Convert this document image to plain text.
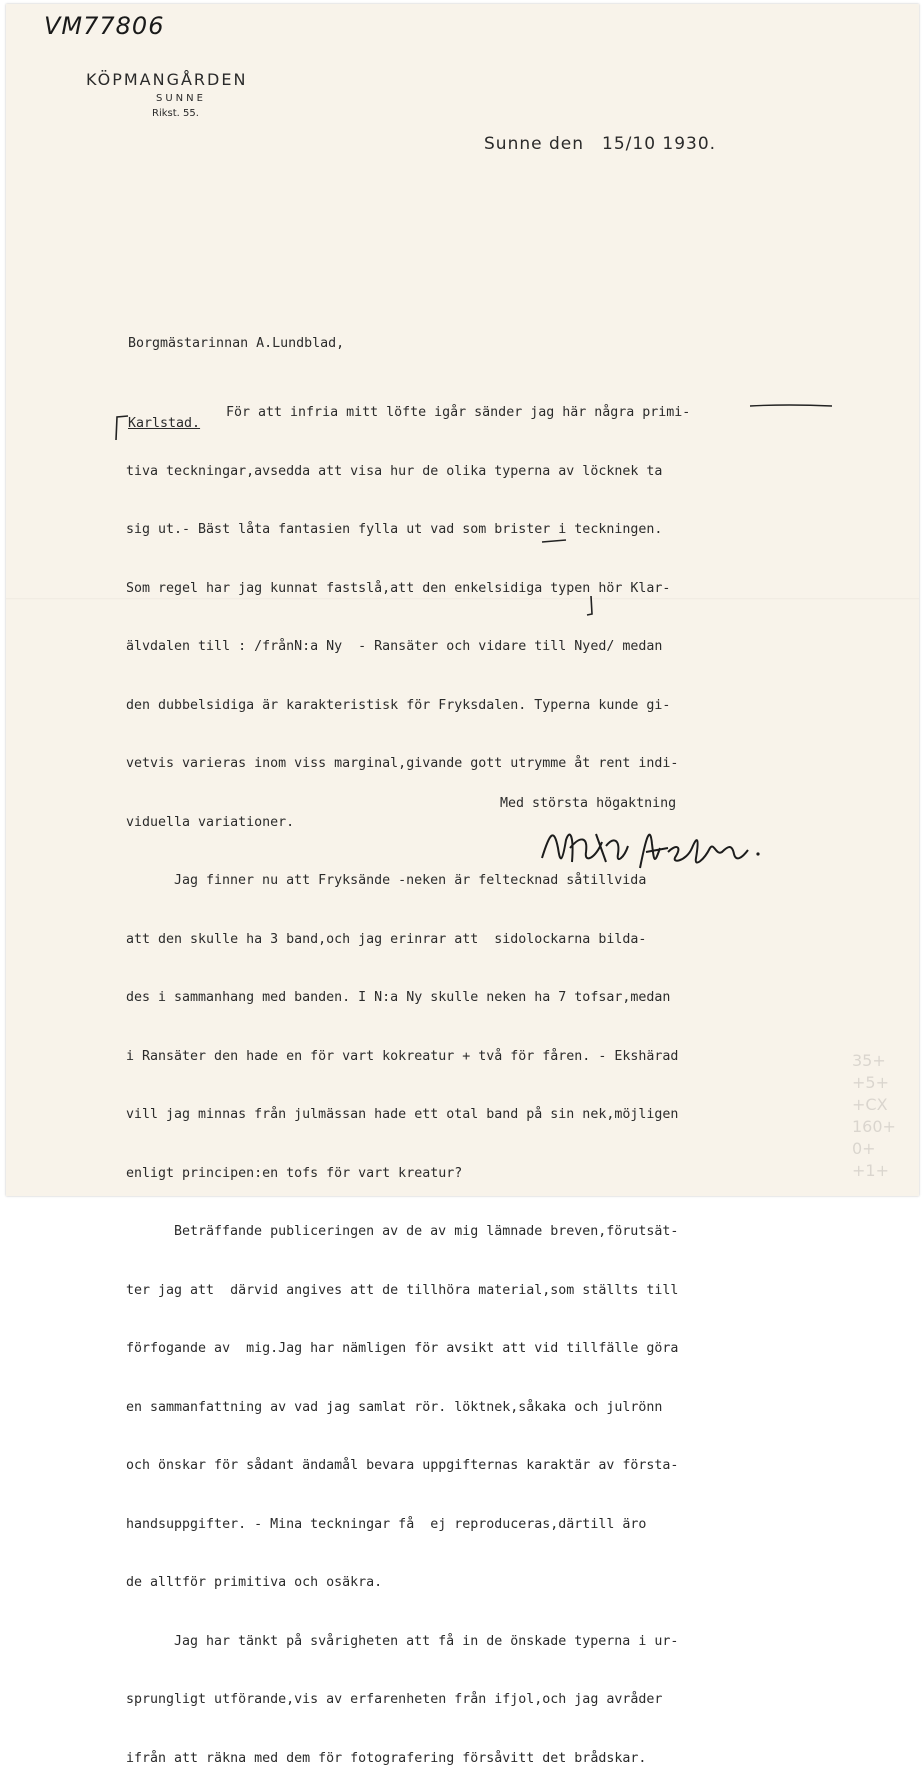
VM77806
KÖPMANGÅRDEN
SUNNE
Rikst. 55.
Sunne den 15/10 1930.

Borgmästarinnan A.Lundblad,

Karlstad.

För att infria mitt löfte igår sänder jag här några primi-

tiva teckningar,avsedda att visa hur de olika typerna av löcknek ta

sig ut.- Bäst låta fantasien fylla ut vad som brister i teckningen.

Som regel har jag kunnat fastslå,att den enkelsidiga typen hör Klar-

älvdalen till : /frånN:a Ny  - Ransäter och vidare till Nyed/ medan

den dubbelsidiga är karakteristisk för Fryksdalen. Typerna kunde gi-

vetvis varieras inom viss marginal,givande gott utrymme åt rent indi-

viduella variationer.

Jag finner nu att Fryksände -neken är feltecknad såtillvida

att den skulle ha 3 band,och jag erinrar att  sidolockarna bilda-

des i sammanhang med banden. I N:a Ny skulle neken ha 7 tofsar,medan

i Ransäter den hade en för vart kokreatur + två för fåren. - Ekshärad

vill jag minnas från julmässan hade ett otal band på sin nek,möjligen

enligt principen:en tofs för vart kreatur?

Beträffande publiceringen av de av mig lämnade breven,förutsät-

ter jag att  därvid angives att de tillhöra material,som ställts till

förfogande av  mig.Jag har nämligen för avsikt att vid tillfälle göra

en sammanfattning av vad jag samlat rör. löktnek,såkaka och julrönn

och önskar för sådant ändamål bevara uppgifternas karaktär av första-

handsuppgifter. - Mina teckningar få  ej reproduceras,därtill äro

de alltför primitiva och osäkra.

Jag har tänkt på svårigheten att få in de önskade typerna i ur-

sprungligt utförande,vis av erfarenheten från ifjol,och jag avråder

ifrån att räkna med dem för fotografering försåvitt det brådskar.

Med största högaktning
35+
+5+
+CX
160+
0+
+1+
